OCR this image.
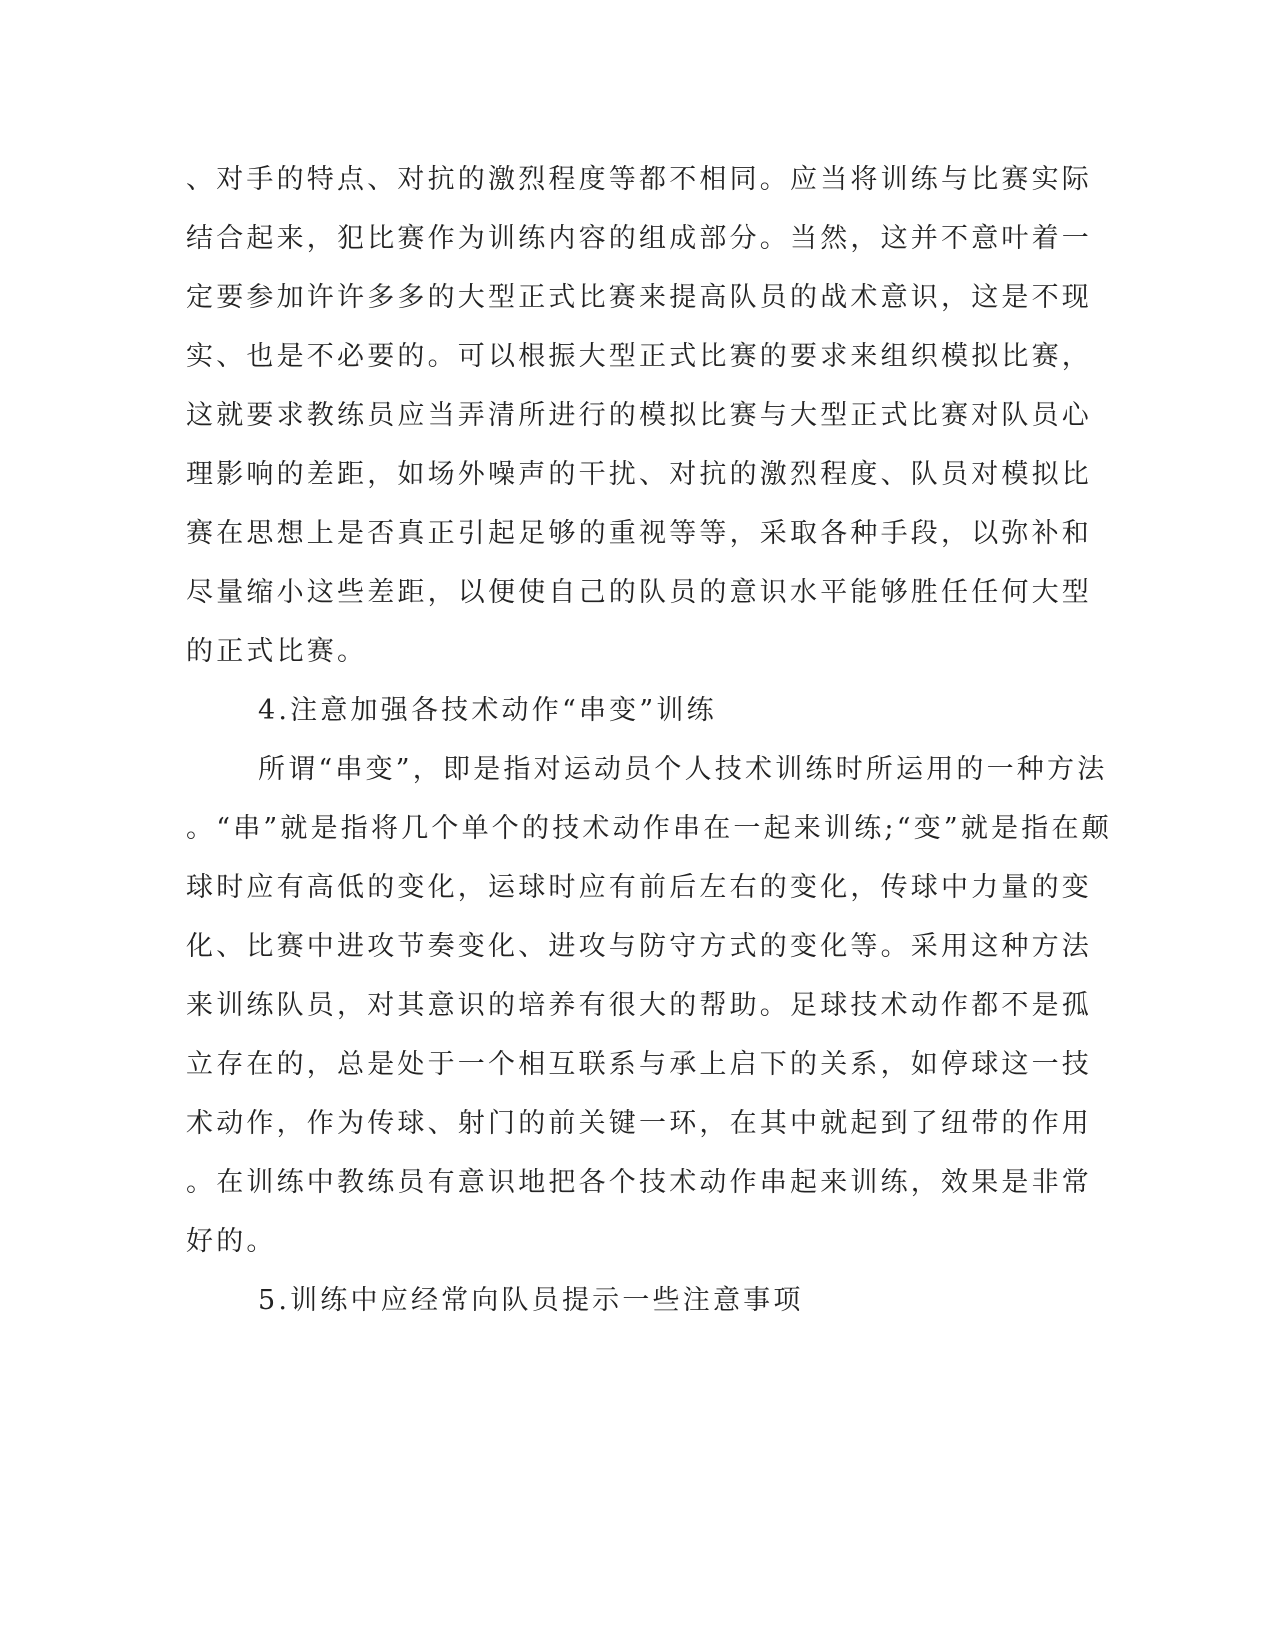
、对手的特点、对抗的激烈程度等都不相同。应当将训练与比赛实际
结合起来，犯比赛作为训练内容的组成部分。当然，这并不意叶着一
定要参加许许多多的大型正式比赛来提高队员的战术意识，这是不现
实、也是不必要的。可以根振大型正式比赛的要求来组织模拟比赛，
这就要求教练员应当弄清所进行的模拟比赛与大型正式比赛对队员心
理影响的差距，如场外噪声的干扰、对抗的激烈程度、队员对模拟比
赛在思想上是否真正引起足够的重视等等，采取各种手段，以弥补和
尽量缩小这些差距，以便使自己的队员的意识水平能够胜任任何大型
的正式比赛。
4.注意加强各技术动作“串变”训练
所谓“串变”，即是指对运动员个人技术训练时所运用的一种方法
。“串”就是指将几个单个的技术动作串在一起来训练;“变”就是指在颠
球时应有高低的变化，运球时应有前后左右的变化，传球中力量的变
化、比赛中进攻节奏变化、进攻与防守方式的变化等。采用这种方法
来训练队员，对其意识的培养有很大的帮助。足球技术动作都不是孤
立存在的，总是处于一个相互联系与承上启下的关系，如停球这一技
术动作，作为传球、射门的前关键一环，在其中就起到了纽带的作用
。在训练中教练员有意识地把各个技术动作串起来训练，效果是非常
好的。
5.训练中应经常向队员提示一些注意事项
